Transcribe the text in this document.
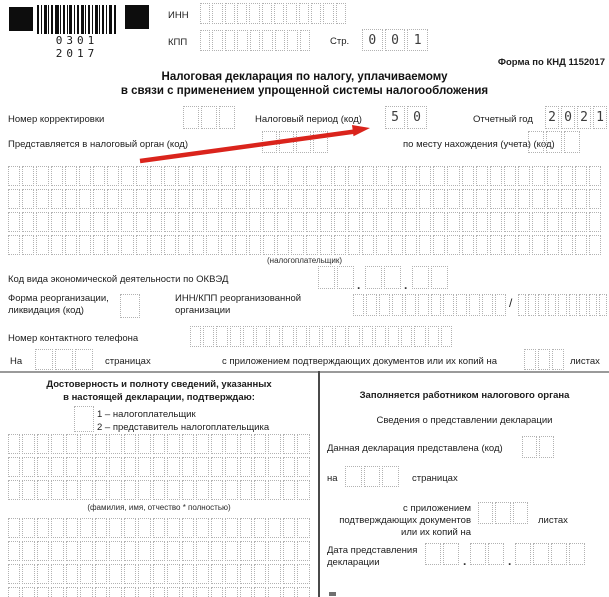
0301 2017
ИНН
КПП	Стр.	0	0	1
Форма по КНД 1152017
Налоговая декларация по налогу, уплачиваемому
в связи с применением упрощенной системы налогообложения
Номер корректировки	Налоговый период (код)	5	0	Отчетный год 2 0 2 1
Представляется в налоговый орган (код)	по месту нахождения (учета) (код)
(налогоплательщик)
Код вида экономической деятельности по ОКВЭД	.	.
Форма реорганизации,
ликвидация (код)
ИНН/КПП реорганизованной
организации
/
Номер контактного телефона
На	страницах	с приложением подтверждающих документов или их копий на	листах
Достоверность и полноту сведений, указанных
в настоящей декларации, подтверждаю:
1 – налогоплательщик
2 – представитель налогоплательщика
(фамилия, имя, отчество * полностью)
Заполняется работником налогового органа
Сведения о представлении декларации
Данная декларация представлена (код)
на	страницах
с приложением
подтверждающих документов
или их копий на
листах
Дата представления
декларации	.	.
